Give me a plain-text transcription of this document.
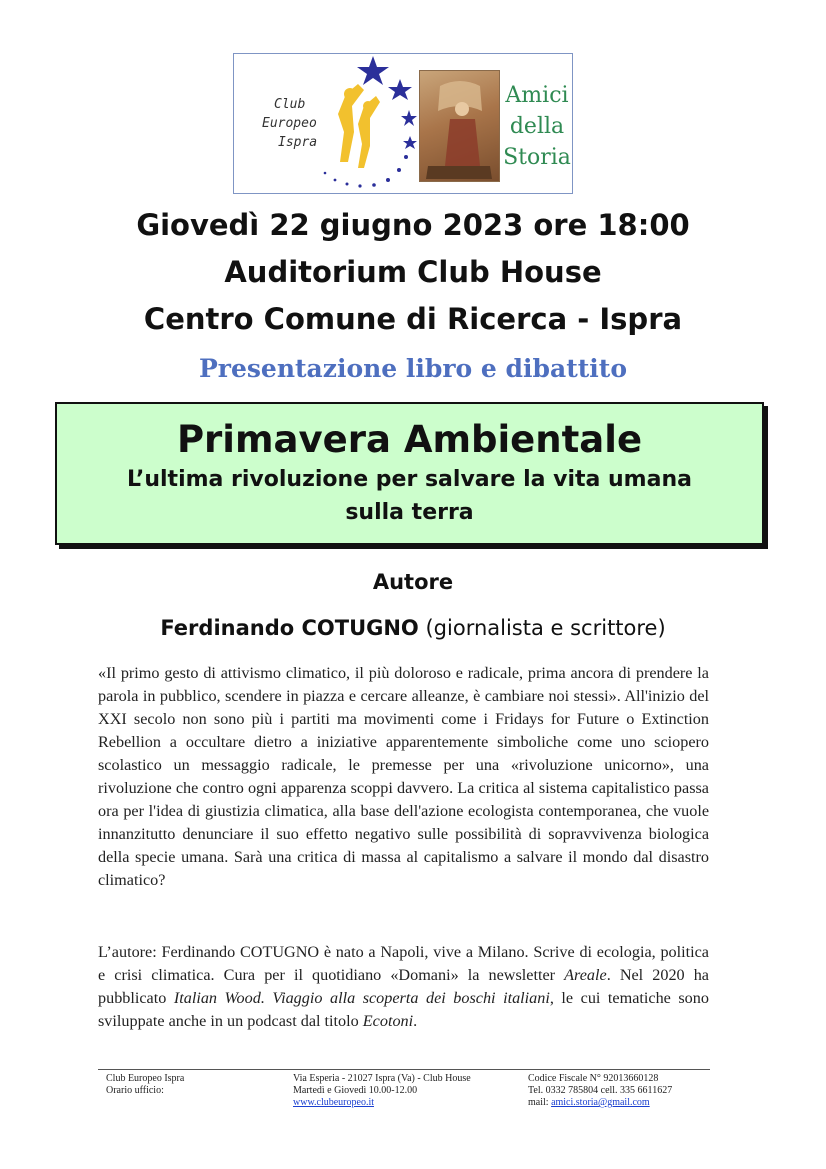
Club
Europeo
Ispra
Amici
della
Storia
Giovedì 22 giugno 2023 ore 18:00
Auditorium Club House
Centro Comune di Ricerca - Ispra
Presentazione libro e dibattito
Primavera Ambientale
L’ultima rivoluzione per salvare la vita umana
sulla terra
Autore
Ferdinando COTUGNO (giornalista e scrittore)

«Il primo gesto di attivismo climatico, il più doloroso e radicale, prima ancora di prendere la parola in pubblico, scendere in piazza e cercare alleanze, è cambiare noi stessi». All'inizio del XXI secolo non sono più i partiti ma movimenti come i Fridays for Future o Extinction Rebellion a occultare dietro a iniziative apparentemente simboliche come uno sciopero scolastico un messaggio radicale, le premesse per una «rivoluzione unicorno», una rivoluzione che contro ogni apparenza scoppi davvero. La critica al sistema capitalistico passa ora per l'idea di giustizia climatica, alla base dell'azione ecologista contemporanea, che vuole innanzitutto denunciare il suo effetto negativo sulle possibilità di sopravvivenza biologica della specie umana. Sarà una critica di massa al capitalismo a salvare il mondo dal disastro climatico?

L’autore: Ferdinando COTUGNO è nato a Napoli, vive a Milano. Scrive di ecologia, politica e crisi climatica. Cura per il quotidiano «Domani» la newsletter Areale. Nel 2020 ha pubblicato Italian Wood. Viaggio alla scoperta dei boschi italiani, le cui tematiche sono sviluppate anche in un podcast dal titolo Ecotoni.

Club Europeo Ispra
Orario ufficio:
Via Esperia - 21027 Ispra (Va) - Club House
Martedì e Giovedì 10.00-12.00
www.clubeuropeo.it
Codice Fiscale N° 92013660128
Tel. 0332 785804 cell. 335 6611627
mail: amici.storia@gmail.com
